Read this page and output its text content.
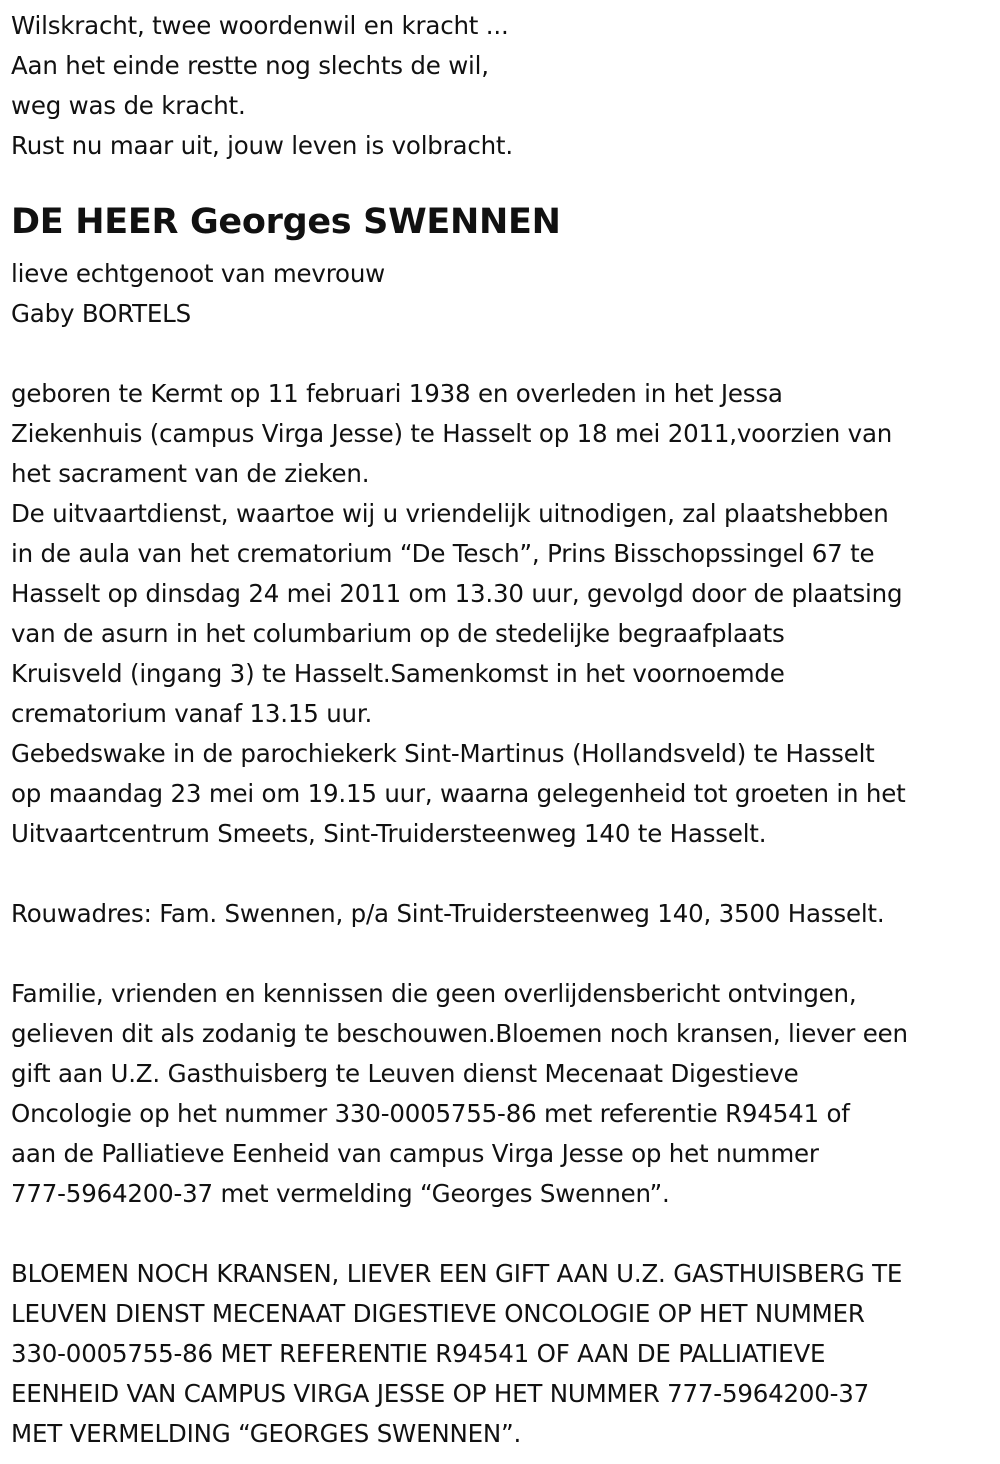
Wilskracht, twee woordenwil en kracht ...
Aan het einde restte nog slechts de wil,
weg was de kracht.
Rust nu maar uit, jouw leven is volbracht.
DE HEER Georges SWENNEN
lieve echtgenoot van mevrouw
Gaby BORTELS
geboren te Kermt op 11 februari 1938 en overleden in het Jessa
Ziekenhuis (campus Virga Jesse) te Hasselt op 18 mei 2011,voorzien van
het sacrament van de zieken.
De uitvaartdienst, waartoe wij u vriendelijk uitnodigen, zal plaatshebben
in de aula van het crematorium “De Tesch”, Prins Bisschopssingel 67 te
Hasselt op dinsdag 24 mei 2011 om 13.30 uur, gevolgd door de plaatsing
van de asurn in het columbarium op de stedelijke begraafplaats
Kruisveld (ingang 3) te Hasselt.Samenkomst in het voornoemde
crematorium vanaf 13.15 uur.
Gebedswake in de parochiekerk Sint-Martinus (Hollandsveld) te Hasselt
op maandag 23 mei om 19.15 uur, waarna gelegenheid tot groeten in het
Uitvaartcentrum Smeets, Sint-Truidersteenweg 140 te Hasselt.
Rouwadres: Fam. Swennen, p/a Sint-Truidersteenweg 140, 3500 Hasselt.
Familie, vrienden en kennissen die geen overlijdensbericht ontvingen,
gelieven dit als zodanig te beschouwen.Bloemen noch kransen, liever een
gift aan U.Z. Gasthuisberg te Leuven dienst Mecenaat Digestieve
Oncologie op het nummer 330-0005755-86 met referentie R94541 of
aan de Palliatieve Eenheid van campus Virga Jesse op het nummer
777-5964200-37 met vermelding “Georges Swennen”.
BLOEMEN NOCH KRANSEN, LIEVER EEN GIFT AAN U.Z. GASTHUISBERG TE
LEUVEN DIENST MECENAAT DIGESTIEVE ONCOLOGIE OP HET NUMMER
330-0005755-86 MET REFERENTIE R94541 OF AAN DE PALLIATIEVE
EENHEID VAN CAMPUS VIRGA JESSE OP HET NUMMER 777-5964200-37
MET VERMELDING “GEORGES SWENNEN”.
